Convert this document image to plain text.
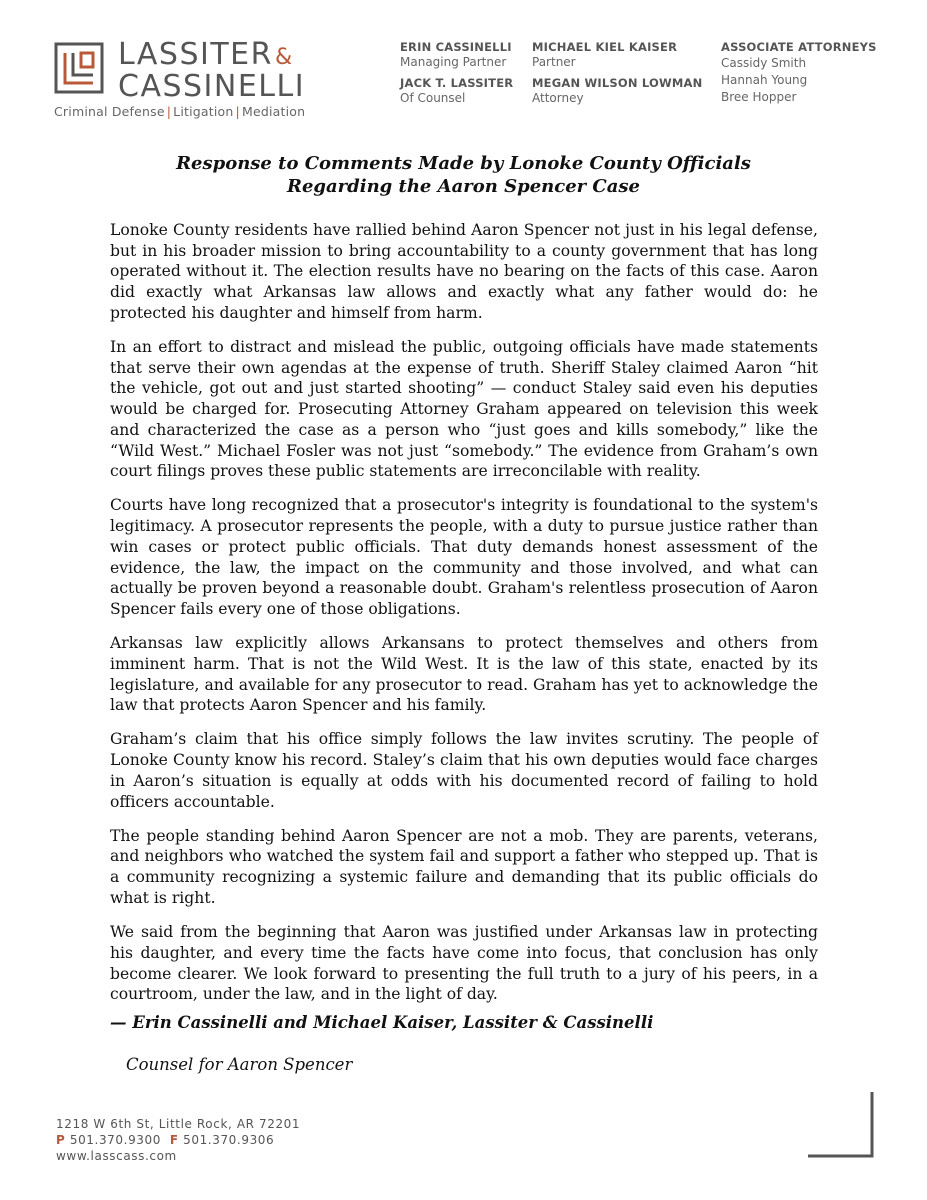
LASSITER&
CASSINELLI
Criminal Defense | Litigation | Mediation
ERIN CASSINELLI
Managing Partner
JACK T. LASSITER
Of Counsel
MICHAEL KIEL KAISER
Partner
MEGAN WILSON LOWMAN
Attorney
ASSOCIATE ATTORNEYS
Cassidy Smith
Hannah Young
Bree Hopper
Response to Comments Made by Lonoke County Officials
Regarding the Aaron Spencer Case

Lonoke County residents have rallied behind Aaron Spencer not just in his legal defense, but in his broader mission to bring accountability to a county government that has long operated without it. The election results have no bearing on the facts of this case. Aaron did exactly what Arkansas law allows and exactly what any father would do: he protected his daughter and himself from harm.

In an effort to distract and mislead the public, outgoing officials have made statements that serve their own agendas at the expense of truth. Sheriff Staley claimed Aaron “hit the vehicle, got out and just started shooting” — conduct Staley said even his deputies would be charged for. Prosecuting Attorney Graham appeared on television this week and characterized the case as a person who “just goes and kills somebody,” like the “Wild West.” Michael Fosler was not just “somebody.” The evidence from Graham’s own court filings proves these public statements are irreconcilable with reality.

Courts have long recognized that a prosecutor's integrity is foundational to the system's legitimacy. A prosecutor represents the people, with a duty to pursue justice rather than win cases or protect public officials. That duty demands honest assessment of the evidence, the law, the impact on the community and those involved, and what can actually be proven beyond a reasonable doubt. Graham's relentless prosecution of Aaron Spencer fails every one of those obligations.

Arkansas law explicitly allows Arkansans to protect themselves and others from imminent harm. That is not the Wild West. It is the law of this state, enacted by its legislature, and available for any prosecutor to read. Graham has yet to acknowledge the law that protects Aaron Spencer and his family.

Graham’s claim that his office simply follows the law invites scrutiny. The people of Lonoke County know his record. Staley’s claim that his own deputies would face charges in Aaron’s situation is equally at odds with his documented record of failing to hold officers accountable.

The people standing behind Aaron Spencer are not a mob. They are parents, veterans, and neighbors who watched the system fail and support a father who stepped up. That is a community recognizing a systemic failure and demanding that its public officials do what is right.

We said from the beginning that Aaron was justified under Arkansas law in protecting his daughter, and every time the facts have come into focus, that conclusion has only become clearer. We look forward to presenting the full truth to a jury of his peers, in a courtroom, under the law, and in the light of day.

— Erin Cassinelli and Michael Kaiser, Lassiter & Cassinelli
Counsel for Aaron Spencer
1218 W 6th St, Little Rock, AR 72201
P 501.370.9300 F 501.370.9306
www.lasscass.com
